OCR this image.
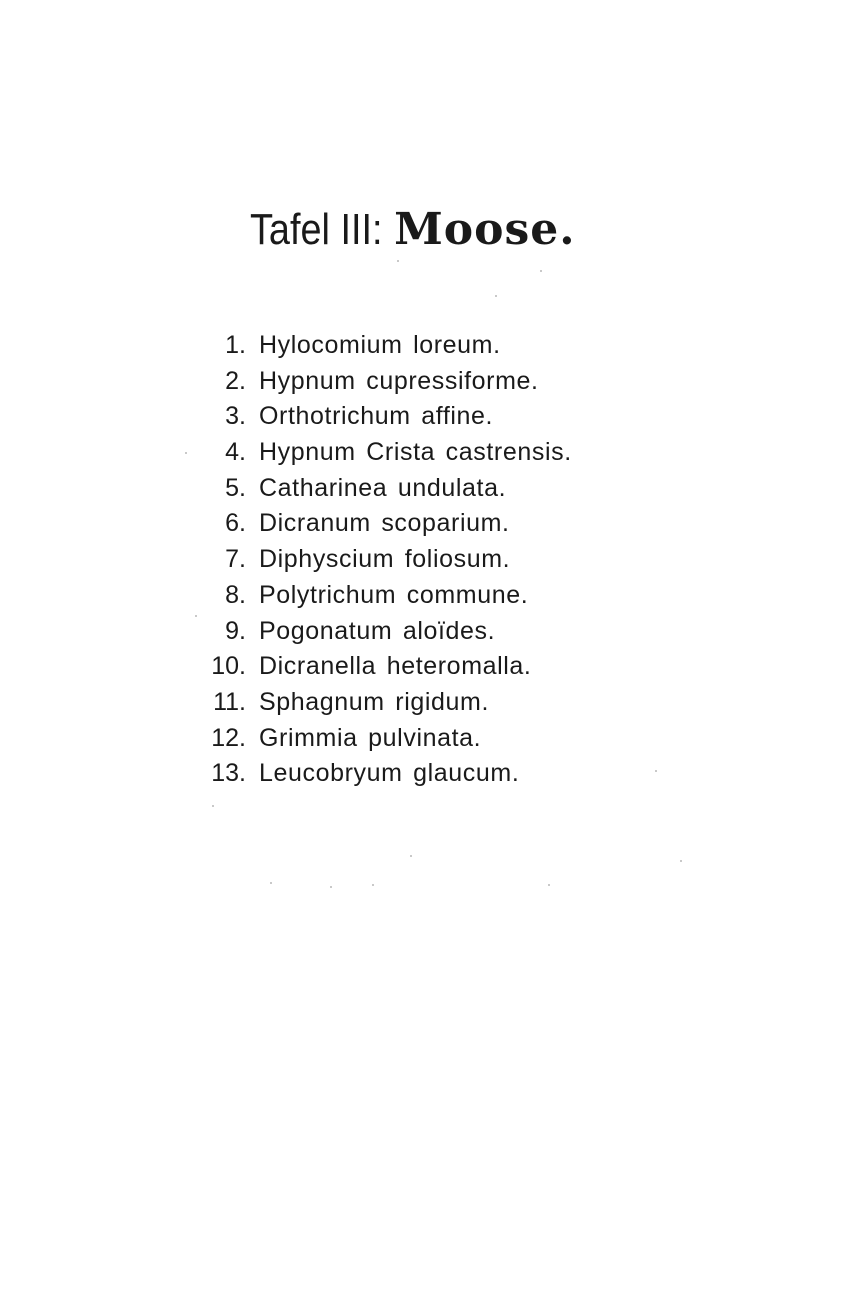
Tafel III: Moose.
1. Hylocomium loreum.
2. Hypnum cupressiforme.
3. Orthotrichum affine.
4. Hypnum Crista castrensis.
5. Catharinea undulata.
6. Dicranum scoparium.
7. Diphyscium foliosum.
8. Polytrichum commune.
9. Pogonatum aloïdes.
10. Dicranella heteromalla.
11. Sphagnum rigidum.
12. Grimmia pulvinata.
13. Leucobryum glaucum.
